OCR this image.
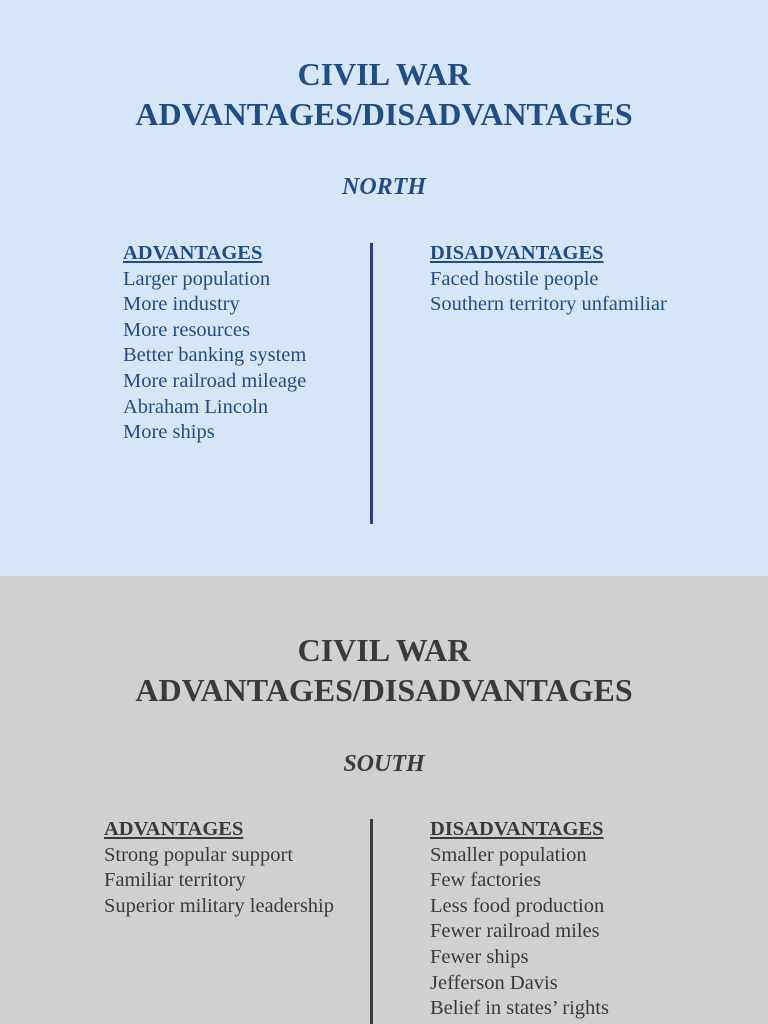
CIVIL WAR
ADVANTAGES/DISADVANTAGES
NORTH
ADVANTAGES
Larger population
More industry
More resources
Better banking system
More railroad mileage
Abraham Lincoln
More ships
DISADVANTAGES
Faced hostile people
Southern territory unfamiliar
CIVIL WAR
ADVANTAGES/DISADVANTAGES
SOUTH
ADVANTAGES
Strong popular support
Familiar territory
Superior military leadership
DISADVANTAGES
Smaller population
Few factories
Less food production
Fewer railroad miles
Fewer ships
Jefferson Davis
Belief in states’ rights
